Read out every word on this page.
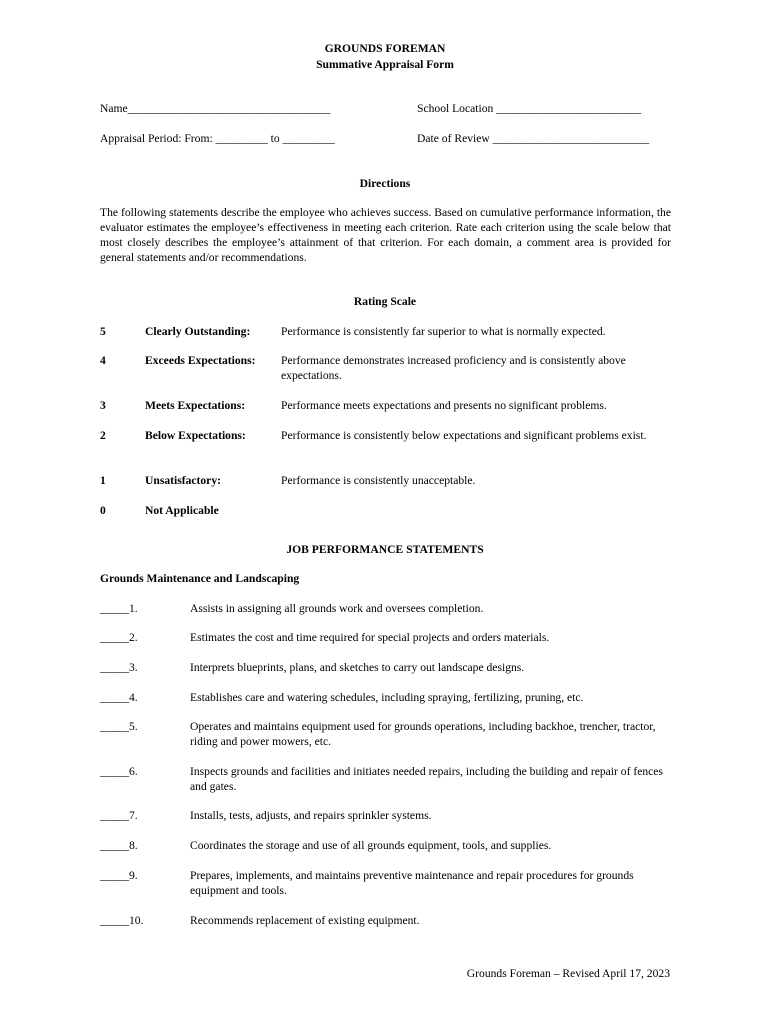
GROUNDS FOREMAN
Summative Appraisal Form
Name___________________________________	School Location _________________________
Appraisal Period: From: _________ to _________	Date of Review ___________________________
Directions
The following statements describe the employee who achieves success. Based on cumulative performance information, the evaluator estimates the employee’s effectiveness in meeting each criterion. Rate each criterion using the scale below that most closely describes the employee’s attainment of that criterion. For each domain, a comment area is provided for general statements and/or recommendations.
Rating Scale
5	Clearly Outstanding:	Performance is consistently far superior to what is normally expected.
4	Exceeds Expectations: Performance demonstrates increased proficiency and is consistently above expectations.
3	Meets Expectations:	Performance meets expectations and presents no significant problems.
2	Below Expectations:	Performance is consistently below expectations and significant problems exist.
1	Unsatisfactory:	Performance is consistently unacceptable.
0	Not Applicable
JOB PERFORMANCE STATEMENTS
Grounds Maintenance and Landscaping
_____1.	Assists in assigning all grounds work and oversees completion.
_____2.	Estimates the cost and time required for special projects and orders materials.
_____3.	Interprets blueprints, plans, and sketches to carry out landscape designs.
_____4.	Establishes care and watering schedules, including spraying, fertilizing, pruning, etc.
_____5.	Operates and maintains equipment used for grounds operations, including backhoe, trencher, tractor, riding and power mowers, etc.
_____6.	Inspects grounds and facilities and initiates needed repairs, including the building and repair of fences and gates.
_____7.	Installs, tests, adjusts, and repairs sprinkler systems.
_____8.	Coordinates the storage and use of all grounds equipment, tools, and supplies.
_____9.	Prepares, implements, and maintains preventive maintenance and repair procedures for grounds equipment and tools.
_____10.	Recommends replacement of existing equipment.
Grounds Foreman – Revised April 17, 2023
